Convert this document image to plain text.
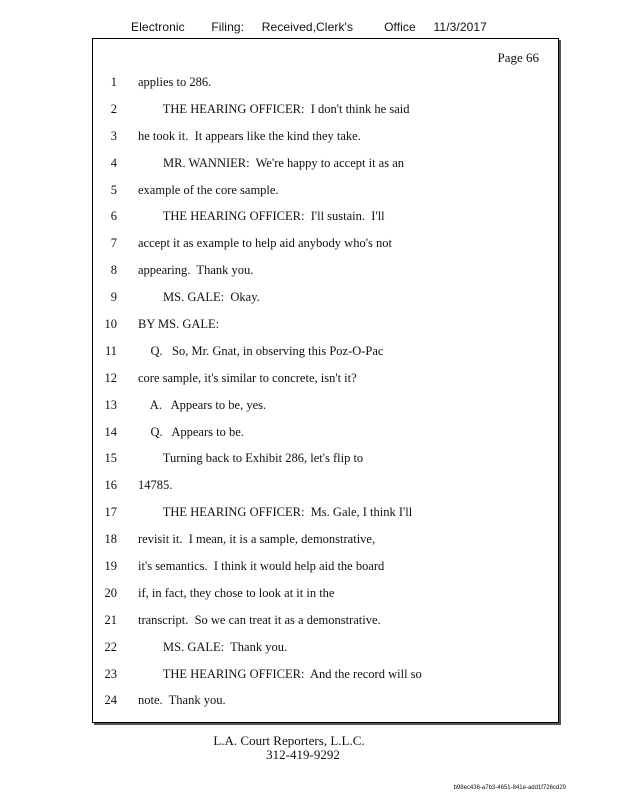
Electronic      Filing:    Received,Clerk's       Office    11/3/2017
Page 66
1 applies to 286.
2 THE HEARING OFFICER:  I don't think he said
3 he took it.  It appears like the kind they take.
4 MR. WANNIER:  We're happy to accept it as an
5 example of the core sample.
6 THE HEARING OFFICER:  I'll sustain.  I'll
7 accept it as example to help aid anybody who's not
8 appearing.  Thank you.
9 MS. GALE:  Okay.
10 BY MS. GALE:
11 Q.   So, Mr. Gnat, in observing this Poz-O-Pac
12 core sample, it's similar to concrete, isn't it?
13 A.   Appears to be, yes.
14 Q.   Appears to be.
15 Turning back to Exhibit 286, let's flip to
16 14785.
17 THE HEARING OFFICER:  Ms. Gale, I think I'll
18 revisit it.  I mean, it is a sample, demonstrative,
19 it's semantics.  I think it would help aid the board
20 if, in fact, they chose to look at it in the
21 transcript.  So we can treat it as a demonstrative.
22 MS. GALE:  Thank you.
23 THE HEARING OFFICER:  And the record will so
24 note.  Thank you.
L.A. Court Reporters, L.L.C.
312-419-9292
b98ec436-a7b3-4651-841e-add1f726cd29
